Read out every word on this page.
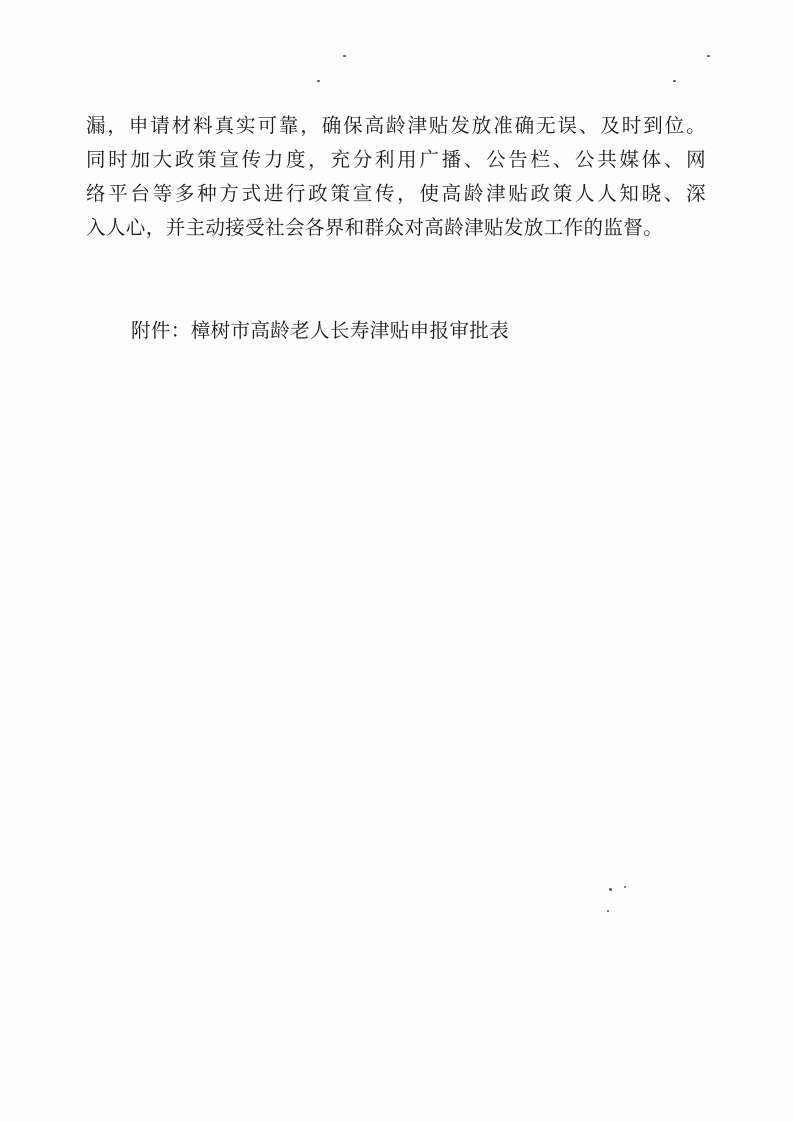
漏，申请材料真实可靠，确保高龄津贴发放准确无误、及时到位。
同时加大政策宣传力度，充分利用广播、公告栏、公共媒体、网
络平台等多种方式进行政策宣传，使高龄津贴政策人人知晓、深
入人心，并主动接受社会各界和群众对高龄津贴发放工作的监督。
附件：樟树市高龄老人长寿津贴申报审批表
